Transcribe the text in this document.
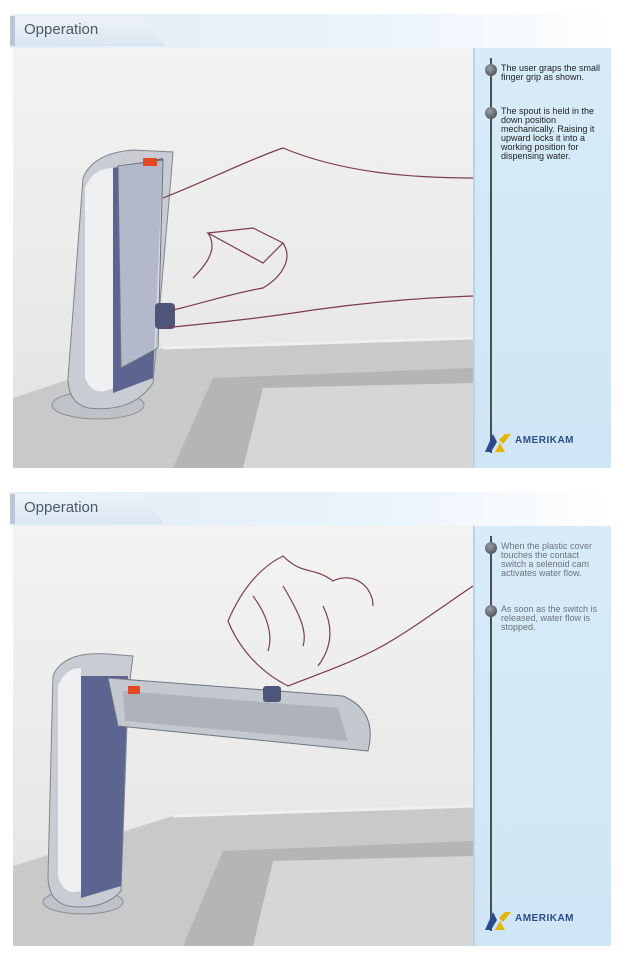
Opperation
The user graps the small finger grip as shown.
The spout is held in the down position mechanically. Raising it upward locks it into a working position for dispensing water.
AMERIKAM
Opperation
When the plastic cover touches the contact switch a selenoid cam activates water flow.
As soon as the switch is released, water flow is stopped.
AMERIKAM
